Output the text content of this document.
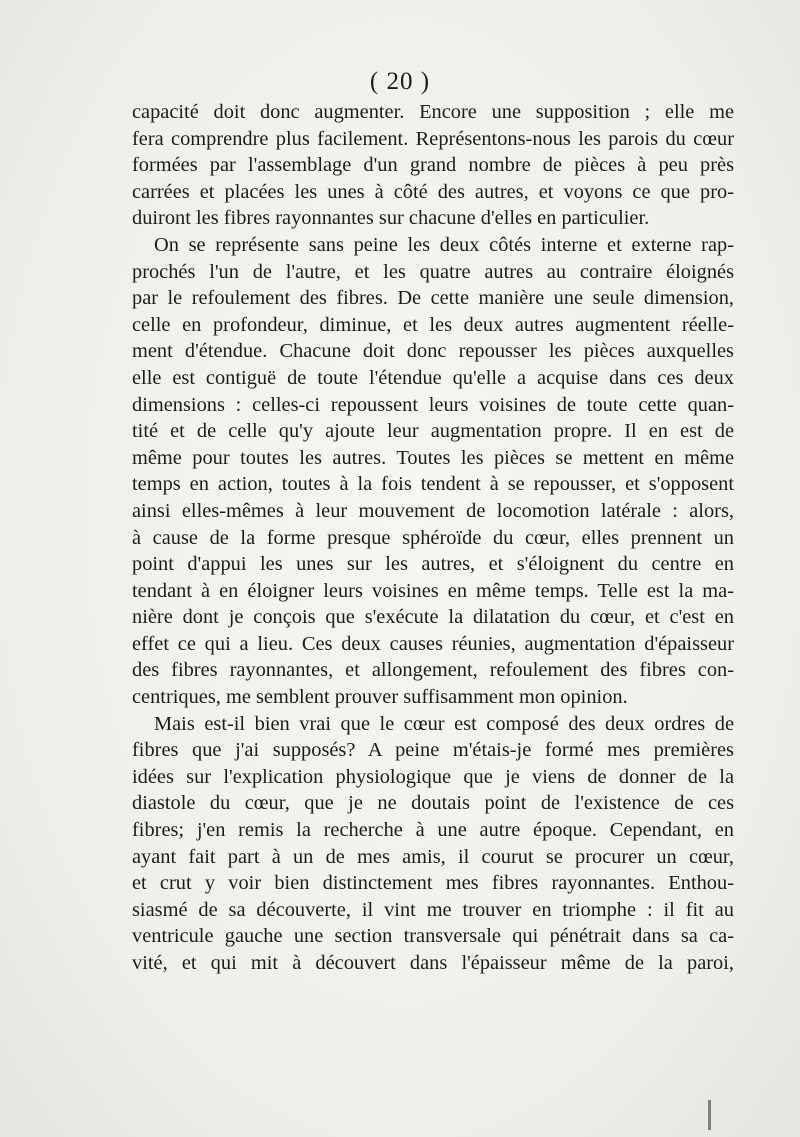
( 20 )
capacité doit donc augmenter. Encore une supposition ; elle me
fera comprendre plus facilement. Représentons-nous les parois du cœur
formées par l'assemblage d'un grand nombre de pièces à peu près
carrées et placées les unes à côté des autres, et voyons ce que pro-
duiront les fibres rayonnantes sur chacune d'elles en particulier.
On se représente sans peine les deux côtés interne et externe rap-
prochés l'un de l'autre, et les quatre autres au contraire éloignés
par le refoulement des fibres. De cette manière une seule dimension,
celle en profondeur, diminue, et les deux autres augmentent réelle-
ment d'étendue. Chacune doit donc repousser les pièces auxquelles
elle est contiguë de toute l'étendue qu'elle a acquise dans ces deux
dimensions : celles-ci repoussent leurs voisines de toute cette quan-
tité et de celle qu'y ajoute leur augmentation propre. Il en est de
même pour toutes les autres. Toutes les pièces se mettent en même
temps en action, toutes à la fois tendent à se repousser, et s'opposent
ainsi elles-mêmes à leur mouvement de locomotion latérale : alors,
à cause de la forme presque sphéroïde du cœur, elles prennent un
point d'appui les unes sur les autres, et s'éloignent du centre en
tendant à en éloigner leurs voisines en même temps. Telle est la ma-
nière dont je conçois que s'exécute la dilatation du cœur, et c'est en
effet ce qui a lieu. Ces deux causes réunies, augmentation d'épaisseur
des fibres rayonnantes, et allongement, refoulement des fibres con-
centriques, me semblent prouver suffisamment mon opinion.
Mais est-il bien vrai que le cœur est composé des deux ordres de
fibres que j'ai supposés? A peine m'étais-je formé mes premières
idées sur l'explication physiologique que je viens de donner de la
diastole du cœur, que je ne doutais point de l'existence de ces
fibres; j'en remis la recherche à une autre époque. Cependant, en
ayant fait part à un de mes amis, il courut se procurer un cœur,
et crut y voir bien distinctement mes fibres rayonnantes. Enthou-
siasmé de sa découverte, il vint me trouver en triomphe : il fit au
ventricule gauche une section transversale qui pénétrait dans sa ca-
vité, et qui mit à découvert dans l'épaisseur même de la paroi,
